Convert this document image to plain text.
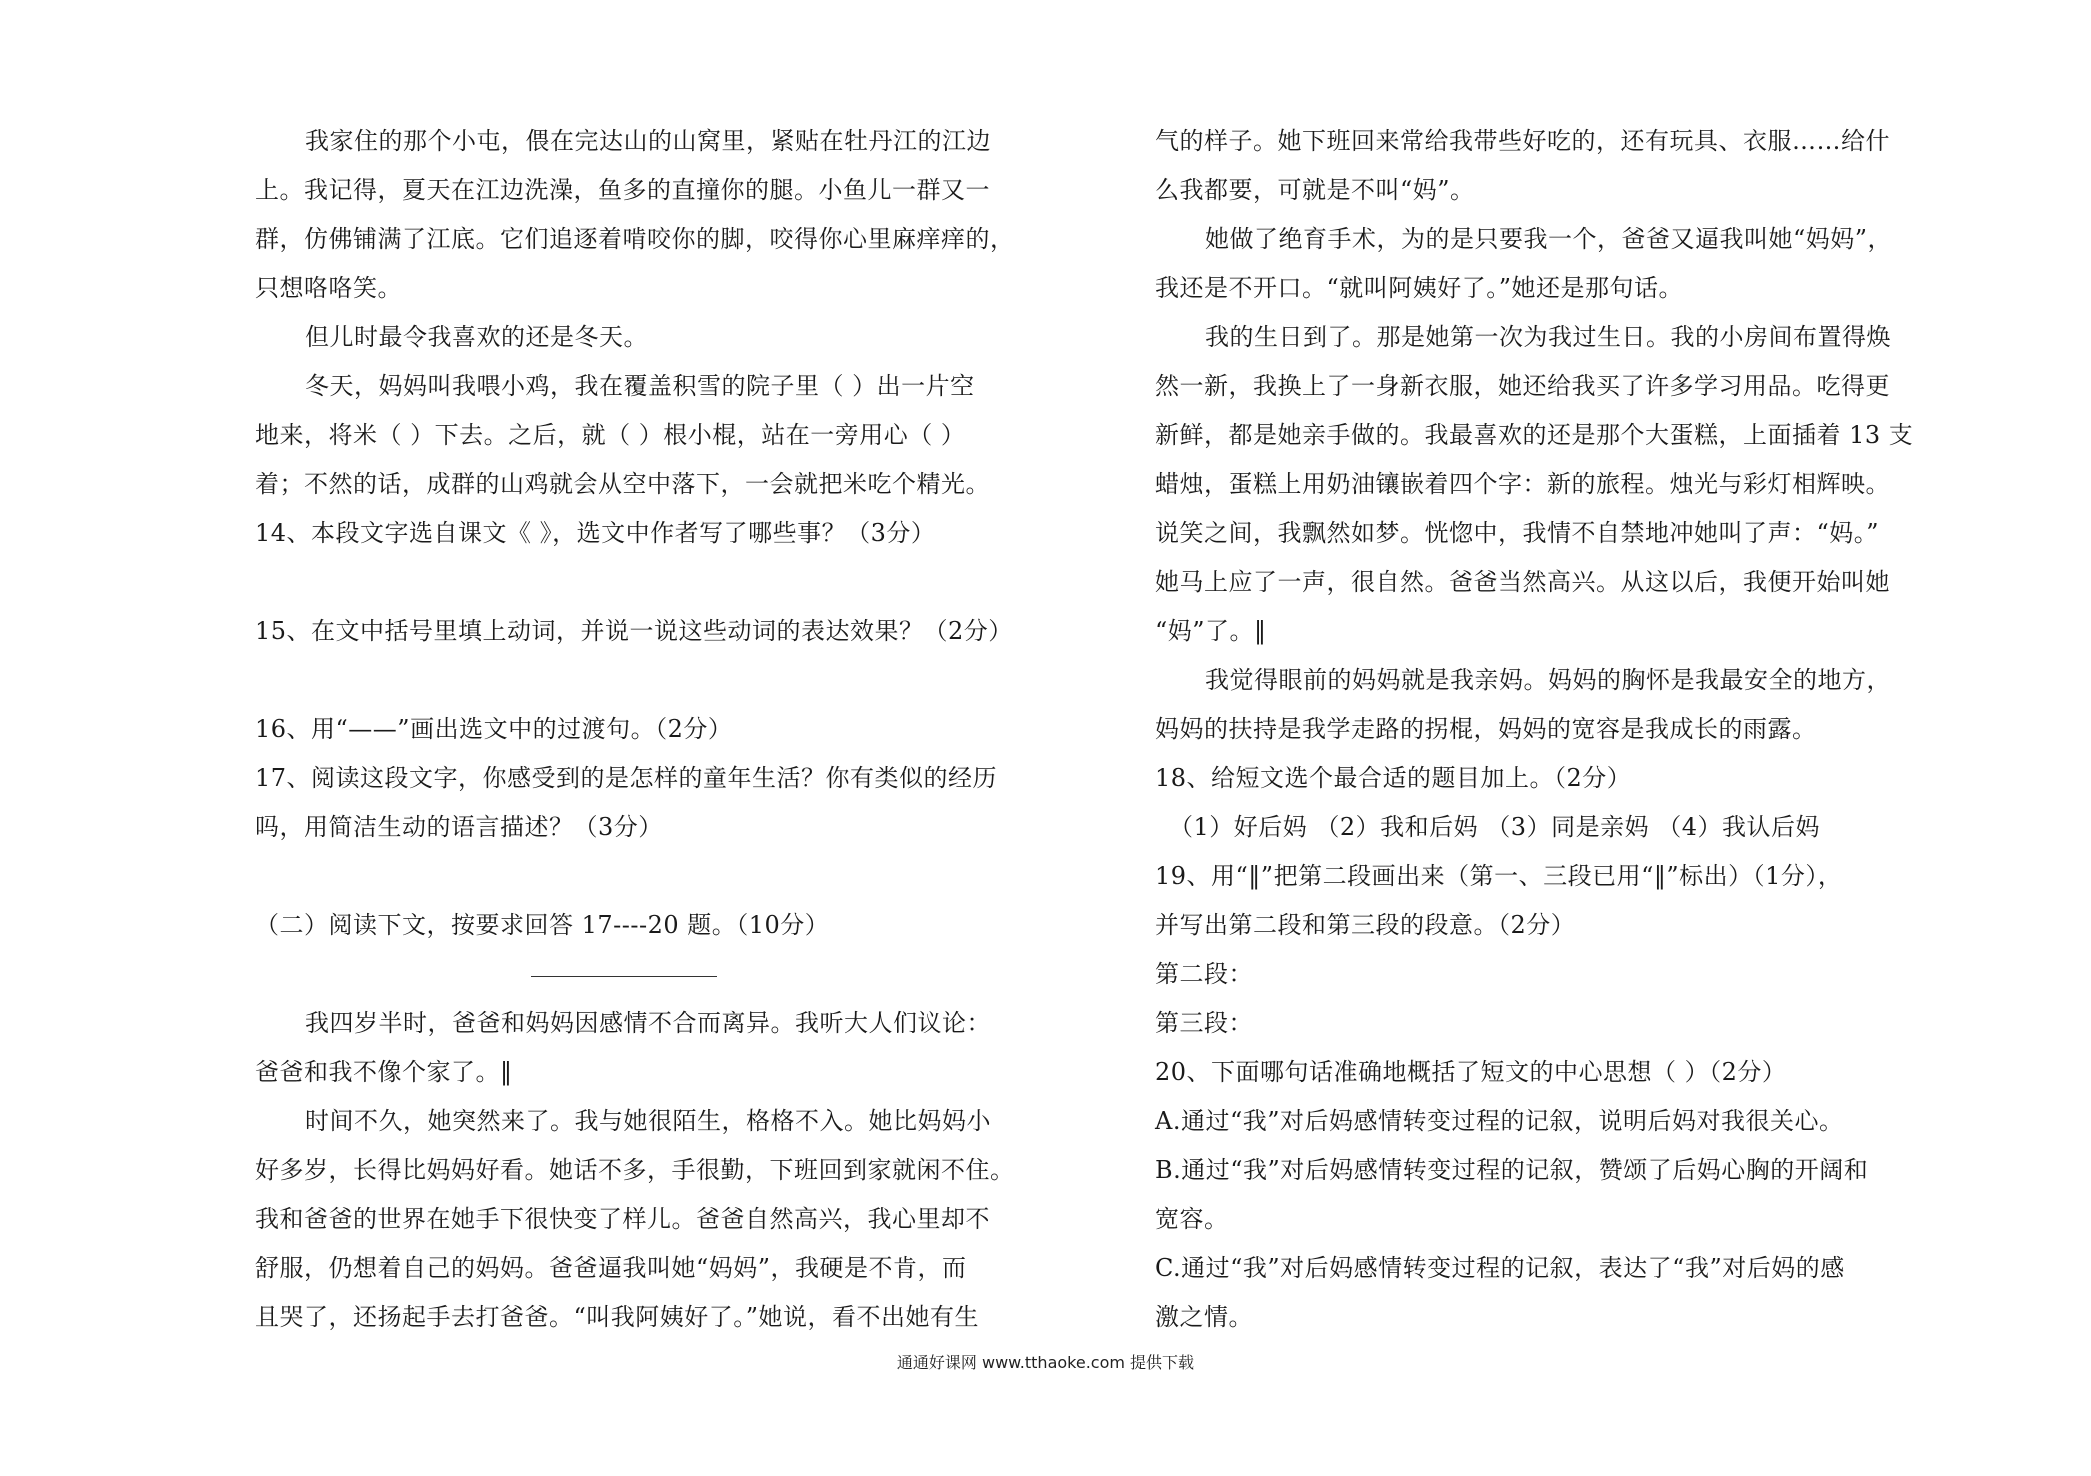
我家住的那个小屯，偎在完达山的山窝里，紧贴在牡丹江的江边
上。我记得，夏天在江边洗澡，鱼多的直撞你的腿。小鱼儿一群又一
群，仿佛铺满了江底。它们追逐着啃咬你的脚，咬得你心里麻痒痒的，
只想咯咯笑。
但儿时最令我喜欢的还是冬天。
冬天，妈妈叫我喂小鸡，我在覆盖积雪的院子里（ ）出一片空
地来，将米（ ）下去。之后，就（ ）根小棍，站在一旁用心（ ）
着；不然的话，成群的山鸡就会从空中落下，一会就把米吃个精光。
14、本段文字选自课文《 》，选文中作者写了哪些事？（3分）
15、在文中括号里填上动词，并说一说这些动词的表达效果？（2分）
16、用“——”画出选文中的过渡句。（2分）
17、阅读这段文字，你感受到的是怎样的童年生活？你有类似的经历
吗，用简洁生动的语言描述？（3分）
（二）阅读下文，按要求回答 17----20 题。（10分）
我四岁半时，爸爸和妈妈因感情不合而离异。我听大人们议论：
爸爸和我不像个家了。‖
时间不久，她突然来了。我与她很陌生，格格不入。她比妈妈小
好多岁，长得比妈妈好看。她话不多，手很勤，下班回到家就闲不住。
我和爸爸的世界在她手下很快变了样儿。爸爸自然高兴，我心里却不
舒服，仍想着自己的妈妈。爸爸逼我叫她“妈妈”，我硬是不肯，而
且哭了，还扬起手去打爸爸。“叫我阿姨好了。”她说，看不出她有生
气的样子。她下班回来常给我带些好吃的，还有玩具、衣服……给什
么我都要，可就是不叫“妈”。
她做了绝育手术，为的是只要我一个，爸爸又逼我叫她“妈妈”，
我还是不开口。“就叫阿姨好了。”她还是那句话。
我的生日到了。那是她第一次为我过生日。我的小房间布置得焕
然一新，我换上了一身新衣服，她还给我买了许多学习用品。吃得更
新鲜，都是她亲手做的。我最喜欢的还是那个大蛋糕，上面插着 13 支
蜡烛，蛋糕上用奶油镶嵌着四个字：新的旅程。烛光与彩灯相辉映。
说笑之间，我飘然如梦。恍惚中，我情不自禁地冲她叫了声：“妈。”
她马上应了一声，很自然。爸爸当然高兴。从这以后，我便开始叫她
“妈”了。‖
我觉得眼前的妈妈就是我亲妈。妈妈的胸怀是我最安全的地方，
妈妈的扶持是我学走路的拐棍，妈妈的宽容是我成长的雨露。
18、给短文选个最合适的题目加上。（2分）
（1）好后妈 （2）我和后妈 （3）同是亲妈 （4）我认后妈
19、用“‖”把第二段画出来（第一、三段已用“‖”标出）（1分），
并写出第二段和第三段的段意。（2分）
第二段：
第三段：
20、下面哪句话准确地概括了短文的中心思想（ ）（2分）
A.通过“我”对后妈感情转变过程的记叙，说明后妈对我很关心。
B.通过“我”对后妈感情转变过程的记叙，赞颂了后妈心胸的开阔和
宽容。
C.通过“我”对后妈感情转变过程的记叙，表达了“我”对后妈的感
激之情。
通通好课网 www.tthaoke.com 提供下载
